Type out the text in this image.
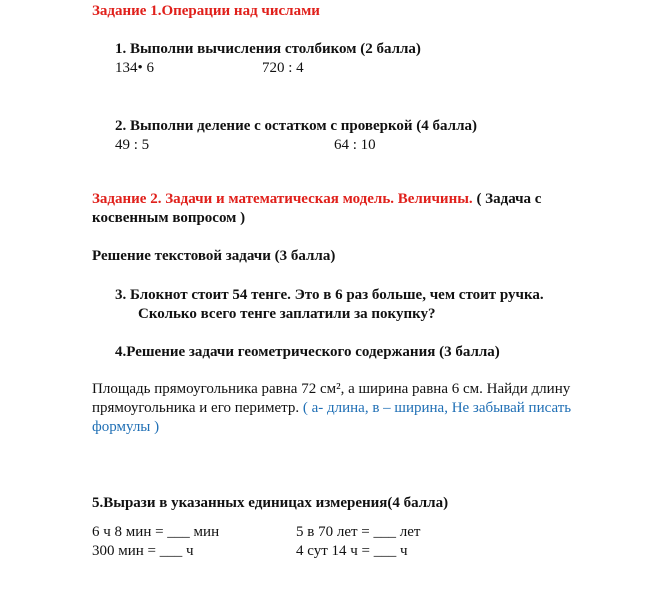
Задание 1.Операции над числами
1. Выполни вычисления столбиком (2 балла)
134• 6	720 : 4
2. Выполни деление с остатком с проверкой (4 балла)
49 : 5	64 : 10
Задание 2. Задачи и математическая модель. Величины. ( Задача с
косвенным вопросом )
Решение текстовой задачи (3 балла)
3. Блокнот стоит 54 тенге. Это в 6 раз больше, чем стоит ручка.
Сколько всего тенге заплатили за покупку?
4.Решение задачи геометрического содержания (3 балла)
Площадь прямоугольника равна 72 см², а ширина равна 6 см. Найди длину
прямоугольника и его периметр. ( а- длина, в – ширина, Не забывай писать
формулы )
5.Вырази в указанных единицах измерения(4 балла)
6 ч 8 мин = ___ мин	5 в 70 лет = ___ лет
300 мин = ___ ч	4 сут 14 ч = ___ ч
